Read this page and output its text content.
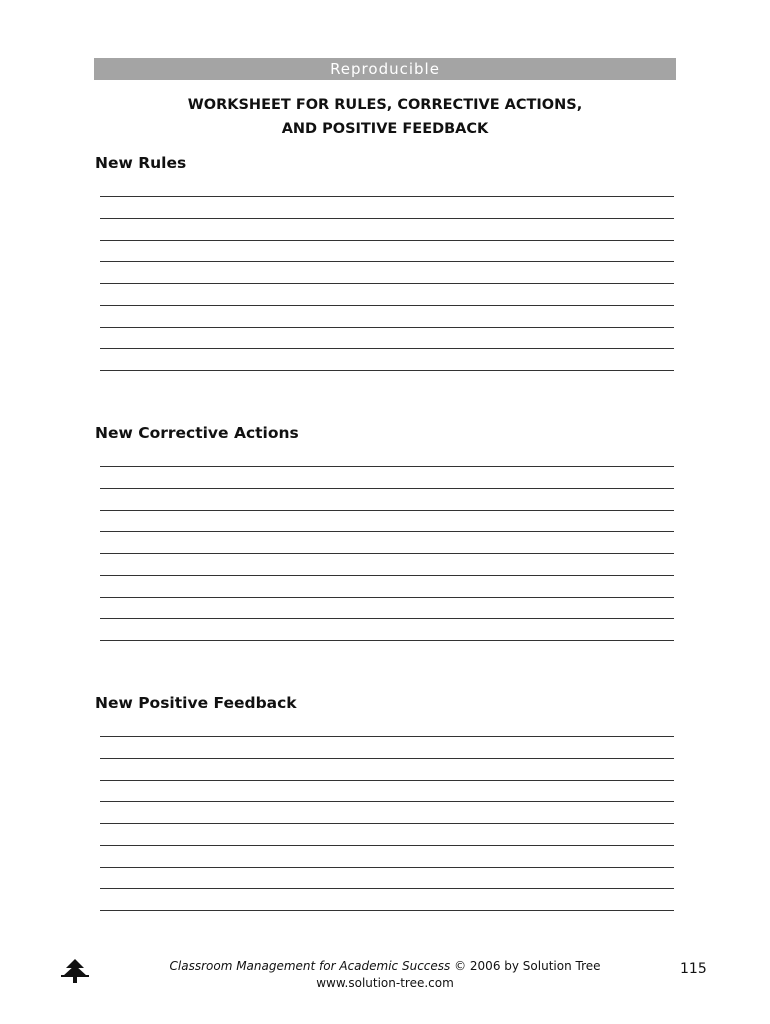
Reproducible
WORKSHEET FOR RULES, CORRECTIVE ACTIONS,
AND POSITIVE FEEDBACK
New Rules
New Corrective Actions
New Positive Feedback
Classroom Management for Academic Success © 2006 by Solution Tree
www.solution-tree.com
115
